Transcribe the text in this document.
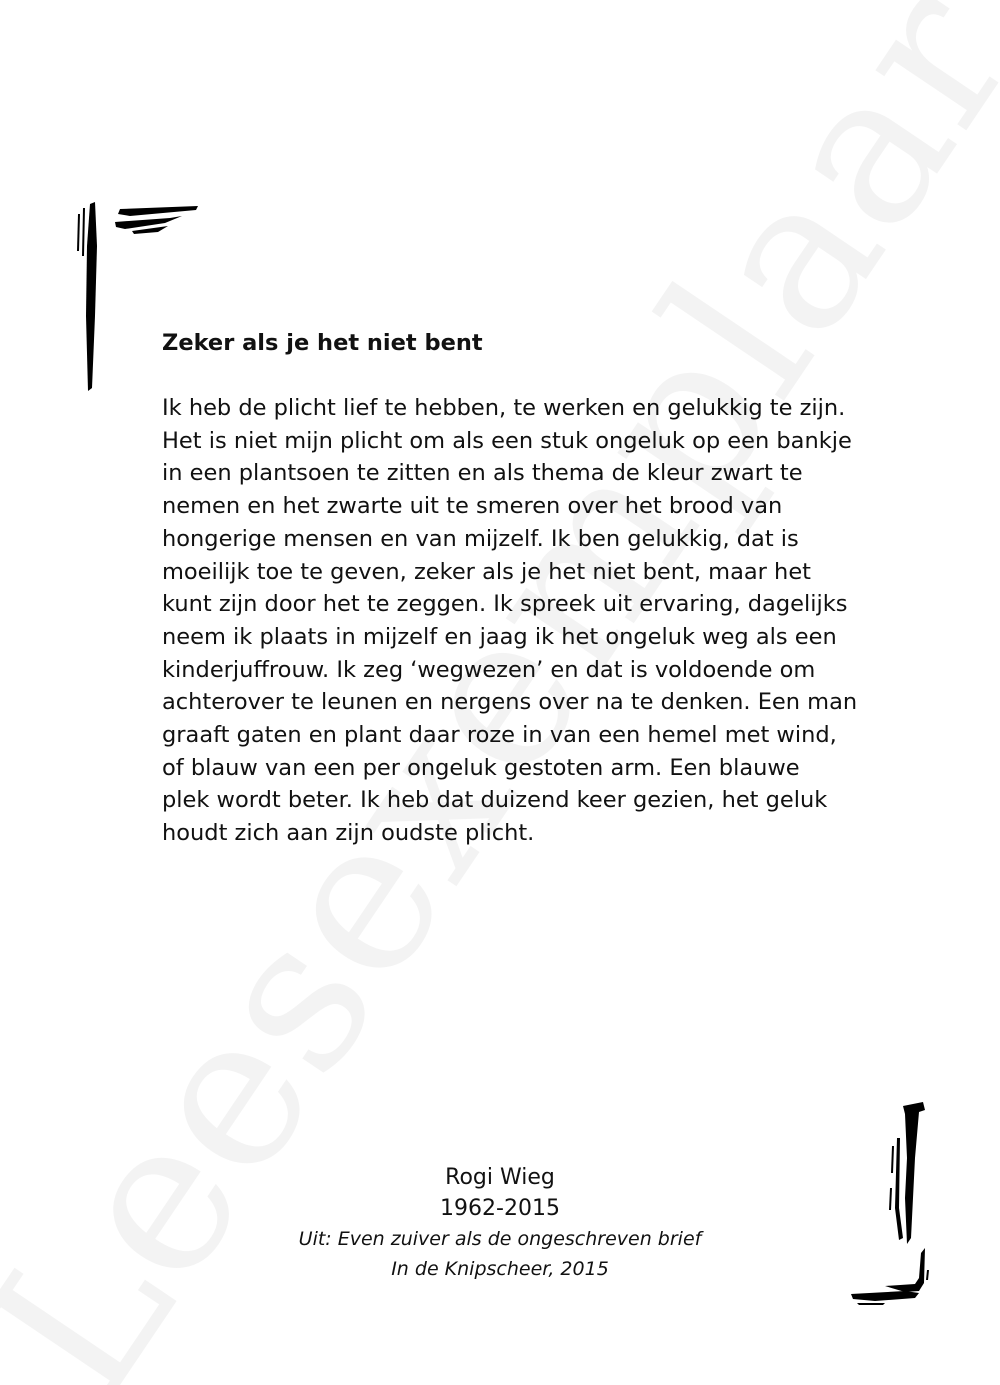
Zeker als je het niet bent
Ik heb de plicht lief te hebben, te werken en gelukkig te zijn.
Het is niet mijn plicht om als een stuk ongeluk op een bankje
in een plantsoen te zitten en als thema de kleur zwart te
nemen en het zwarte uit te smeren over het brood van
hongerige mensen en van mijzelf. Ik ben gelukkig, dat is
moeilijk toe te geven, zeker als je het niet bent, maar het
kunt zijn door het te zeggen. Ik spreek uit ervaring, dagelijks
neem ik plaats in mijzelf en jaag ik het ongeluk weg als een
kinderjuffrouw. Ik zeg ‘wegwezen’ en dat is voldoende om
achterover te leunen en nergens over na te denken. Een man
graaft gaten en plant daar roze in van een hemel met wind,
of blauw van een per ongeluk gestoten arm. Een blauwe
plek wordt beter. Ik heb dat duizend keer gezien, het geluk
houdt zich aan zijn oudste plicht.
Rogi Wieg
1962-2015
Uit: Even zuiver als de ongeschreven brief
In de Knipscheer, 2015
